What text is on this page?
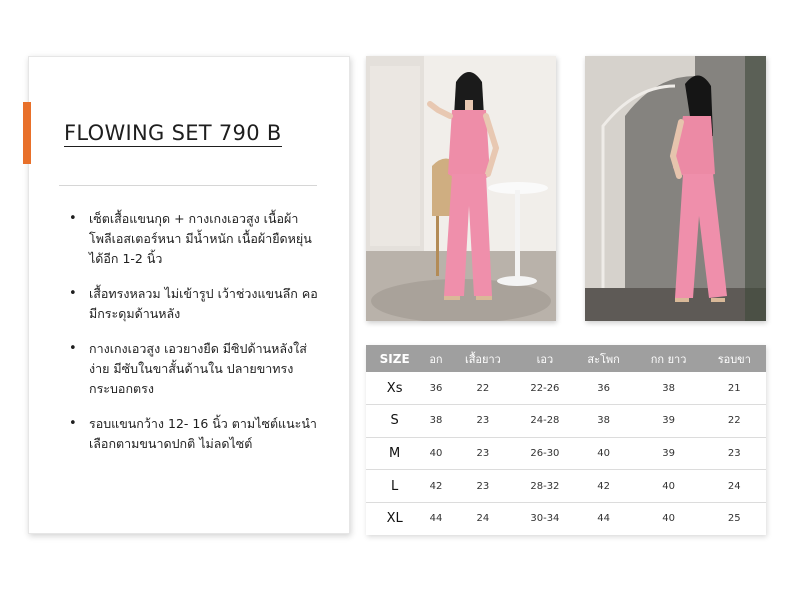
FLOWING SET 790 B
• เซ็ตเสื้อแขนกุด + กางเกงเอวสูง เนื้อผ้าโพลีเอสเตอร์หนา มีน้ำหนัก เนื้อผ้ายืดหยุ่นได้อีก 1-2 นิ้ว
• เสื้อทรงหลวม ไม่เข้ารูป เว้าช่วงแขนลึก คอมีกระดุมด้านหลัง
• กางเกงเอวสูง เอวยางยืด มีซิปด้านหลังใส่ง่าย มีซับในขาสั้นด้านใน ปลายขาทรงกระบอกตรง
• รอบแขนกว้าง 12- 16 นิ้ว ตามไซต์แนะนำ เลือกตามขนาดปกติ ไม่ลดไซต์
SIZE	อก	เสื้อยาว	เอว	สะโพก	กก ยาว	รอบขา
Xs	36	22	22-26	36	38	21
S	38	23	24-28	38	39	22
M	40	23	26-30	40	39	23
L	42	23	28-32	42	40	24
XL	44	24	30-34	44	40	25
